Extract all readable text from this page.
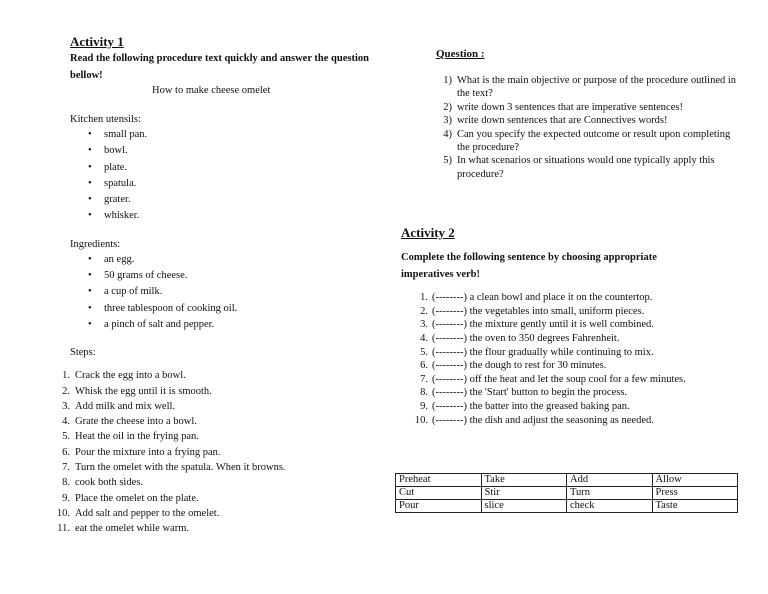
Activity 1
Read the following procedure text quickly and answer the question bellow!
How to make cheese omelet
Kitchen utensils:
• small pan.
• bowl.
• plate.
• spatula.
• grater.
• whisker.
Ingredients:
• an egg.
• 50 grams of cheese.
• a cup of milk.
• three tablespoon of cooking oil.
• a pinch of salt and pepper.
Steps:
1. Crack the egg into a bowl.
2. Whisk the egg until it is smooth.
3. Add milk and mix well.
4. Grate the cheese into a bowl.
5. Heat the oil in the frying pan.
6. Pour the mixture into a frying pan.
7. Turn the omelet with the spatula. When it browns.
8. cook both sides.
9. Place the omelet on the plate.
10. Add salt and pepper to the omelet.
11. eat the omelet while warm.
Question :
1) What is the main objective or purpose of the procedure outlined in the text?
2) write down 3 sentences that are imperative sentences!
3) write down sentences that are Connectives words!
4) Can you specify the expected outcome or result upon completing the procedure?
5) In what scenarios or situations would one typically apply this procedure?
Activity 2
Complete the following sentence by choosing appropriate imperatives verb!
1. (--------) a clean bowl and place it on the countertop.
2. (--------) the vegetables into small, uniform pieces.
3. (--------) the mixture gently until it is well combined.
4. (--------) the oven to 350 degrees Fahrenheit.
5. (--------) the flour gradually while continuing to mix.
6. (--------) the dough to rest for 30 minutes.
7. (--------) off the heat and let the soup cool for a few minutes.
8. (--------) the 'Start' button to begin the process.
9. (--------) the batter into the greased baking pan.
10. (--------) the dish and adjust the seasoning as needed.
Preheat	Take	Add	Allow
Cut	Stir	Turn	Press
Pour	slice	check	Taste
